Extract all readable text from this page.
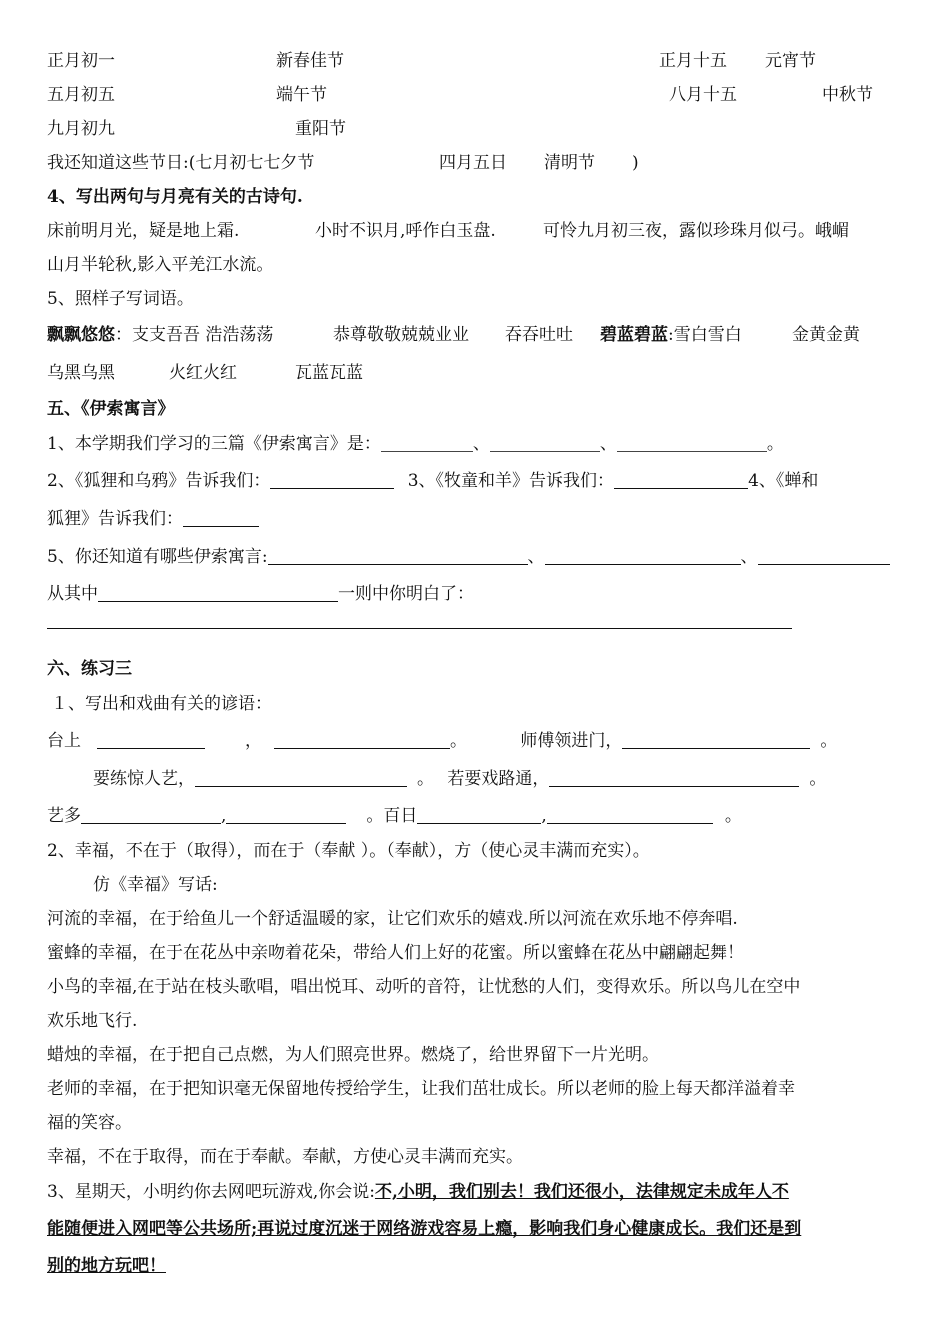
正月初一	新春佳节	正月十五 元宵节
五月初五	端午节	八月十五	中秋节
九月初九	重阳节
我还知道这些节日:(七月初七七夕节	四月五日 清明节 )
4、写出两句与月亮有关的古诗句.
床前明月光，疑是地上霜.	小时不识月,呼作白玉盘.	可怜九月初三夜，露似珍珠月似弓。峨嵋
山月半轮秋,影入平羌江水流。
5、照样子写词语。
飘飘悠悠：支支吾吾 浩浩荡荡	恭尊敬敬兢兢业业 吞吞吐吐 碧蓝碧蓝:雪白雪白	金黄金黄
乌黑乌黑	火红火红	瓦蓝瓦蓝
五、《伊索寓言》
1、本学期我们学习的三篇《伊索寓言》是：	、	、	。
2、《狐狸和乌鸦》告诉我们：	3、《牧童和羊》告诉我们：	4、《蝉和
狐狸》告诉我们：
5、你还知道有哪些伊索寓言:	、	、
从其中	一则中你明白了：
六、练习三
１、写出和戏曲有关的谚语：
台上	，	。	师傅领进门，	。
要练惊人艺，	。 若要戏路通，	。
艺多	,	。百日	,	。
2、幸福，不在于（取得），而在于（奉献 ）。（奉献），方（使心灵丰满而充实）。
仿《幸福》写话:
河流的幸福，在于给鱼儿一个舒适温暖的家，让它们欢乐的嬉戏.所以河流在欢乐地不停奔唱.
蜜蜂的幸福，在于在花丛中亲吻着花朵，带给人们上好的花蜜。所以蜜蜂在花丛中翩翩起舞！
小鸟的幸福,在于站在枝头歌唱，唱出悦耳、动听的音符，让忧愁的人们，变得欢乐。所以鸟儿在空中
欢乐地飞行.
蜡烛的幸福，在于把自己点燃，为人们照亮世界。燃烧了，给世界留下一片光明。
老师的幸福，在于把知识毫无保留地传授给学生，让我们茁壮成长。所以老师的脸上每天都洋溢着幸
福的笑容。
幸福，不在于取得，而在于奉献。奉献，方使心灵丰满而充实。
3、星期天，小明约你去网吧玩游戏,你会说:不,小明，我们别去！我们还很小，法律规定未成年人不
能随便进入网吧等公共场所;再说过度沉迷于网络游戏容易上瘾，影响我们身心健康成长。我们还是到
别的地方玩吧！
